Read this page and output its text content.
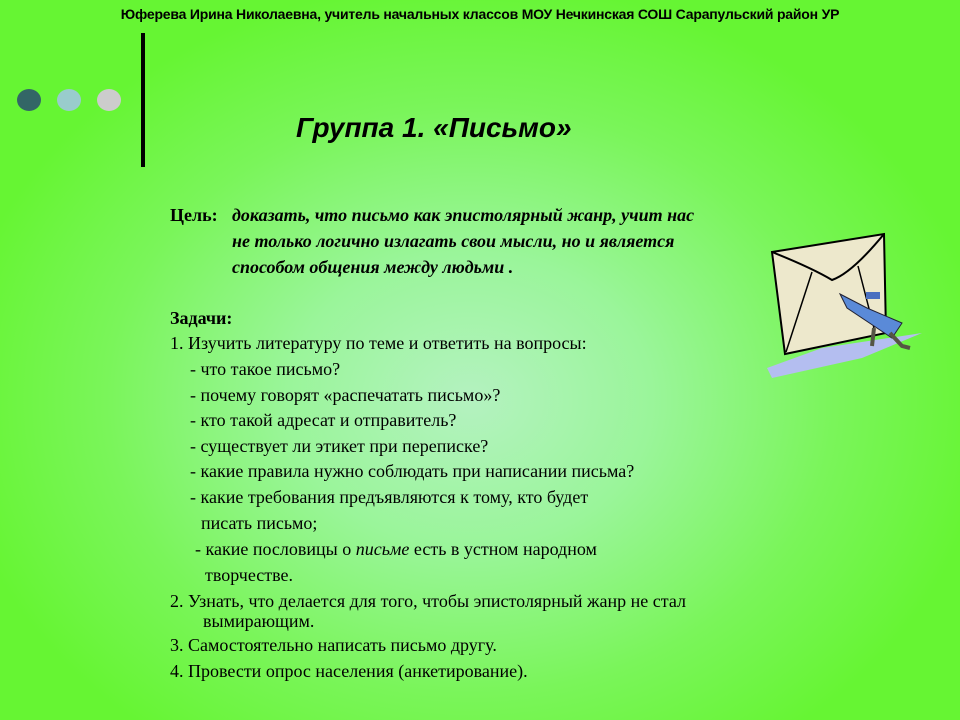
Юферева Ирина Николаевна, учитель начальных классов МОУ Нечкинская СОШ Сарапульский район УР
Группа 1. «Письмо»
Цель: доказать, что письмо как эпистолярный жанр, учит нас
не только логично излагать свои мысли, но и является
способом общения между людьми .
Задачи:
1. Изучить литературу по теме и ответить на вопросы:
- что такое письмо?
- почему говорят «распечатать письмо»?
- кто такой адресат и отправитель?
- существует ли этикет при переписке?
- какие правила нужно соблюдать при написании письма?
- какие требования предъявляются к тому, кто будет
писать письмо;
- какие пословицы о письме есть в устном народном
творчестве.
2. Узнать, что делается для того, чтобы эпистолярный жанр не стал
вымирающим.
3. Самостоятельно написать письмо другу.
4. Провести опрос населения (анкетирование).
